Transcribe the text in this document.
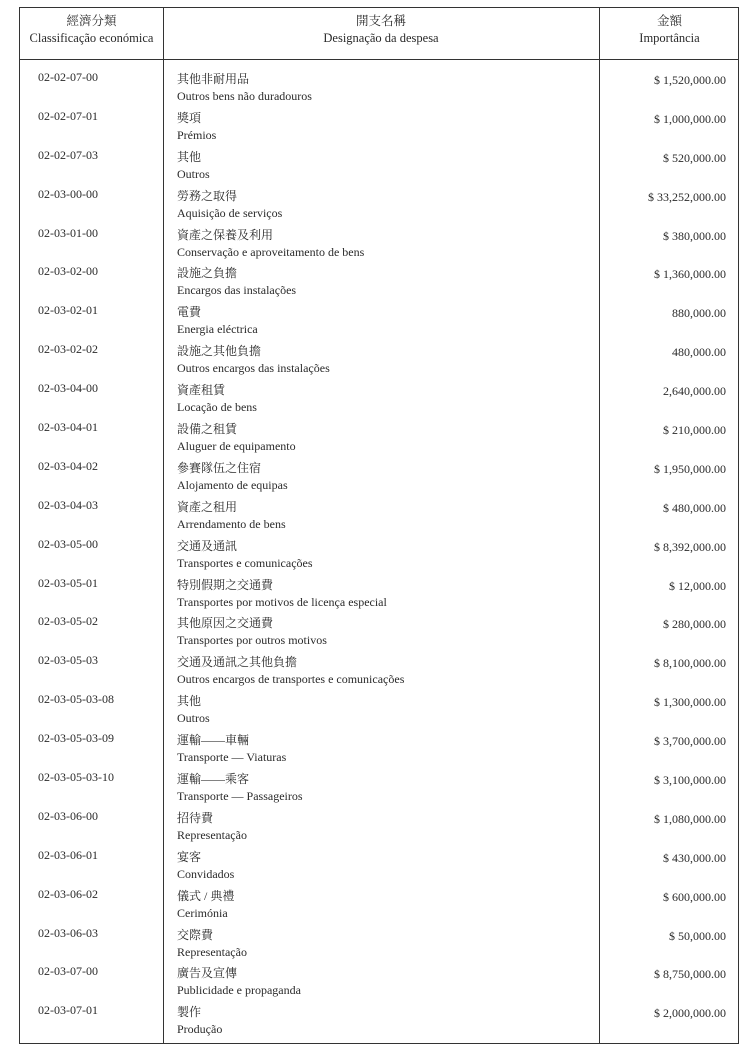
經濟分類
Classificação económica
開支名稱
Designação da despesa
金額
Importância
02-02-07-00	其他非耐用品
Outros bens não duradouros
$ 1,520,000.00
02-02-07-01	獎項
Prémios
$ 1,000,000.00
02-02-07-03	其他
Outros
$ 520,000.00
02-03-00-00	勞務之取得
Aquisição de serviços
$ 33,252,000.00
02-03-01-00	資產之保養及利用
Conservação e aproveitamento de bens
$ 380,000.00
02-03-02-00	設施之負擔
Encargos das instalações
$ 1,360,000.00
02-03-02-01	電費
Energia eléctrica
880,000.00
02-03-02-02	設施之其他負擔
Outros encargos das instalações
480,000.00
02-03-04-00	資產租賃
Locação de bens
2,640,000.00
02-03-04-01	設備之租賃
Aluguer de equipamento
$ 210,000.00
02-03-04-02	參賽隊伍之住宿
Alojamento de equipas
$ 1,950,000.00
02-03-04-03	資產之租用
Arrendamento de bens
$ 480,000.00
02-03-05-00	交通及通訊
Transportes e comunicações
$ 8,392,000.00
02-03-05-01	特別假期之交通費
Transportes por motivos de licença especial
$ 12,000.00
02-03-05-02	其他原因之交通費
Transportes por outros motivos
$ 280,000.00
02-03-05-03	交通及通訊之其他負擔
Outros encargos de transportes e comunicações
$ 8,100,000.00
02-03-05-03-08	其他
Outros
$ 1,300,000.00
02-03-05-03-09	運輸——車輛
Transporte — Viaturas
$ 3,700,000.00
02-03-05-03-10	運輸——乘客
Transporte — Passageiros
$ 3,100,000.00
02-03-06-00	招待費
Representação
$ 1,080,000.00
02-03-06-01	宴客
Convidados
$ 430,000.00
02-03-06-02	儀式 / 典禮
Cerimónia
$ 600,000.00
02-03-06-03	交際費
Representação
$ 50,000.00
02-03-07-00	廣告及宣傳
Publicidade e propaganda
$ 8,750,000.00
02-03-07-01	製作
Produção
$ 2,000,000.00
